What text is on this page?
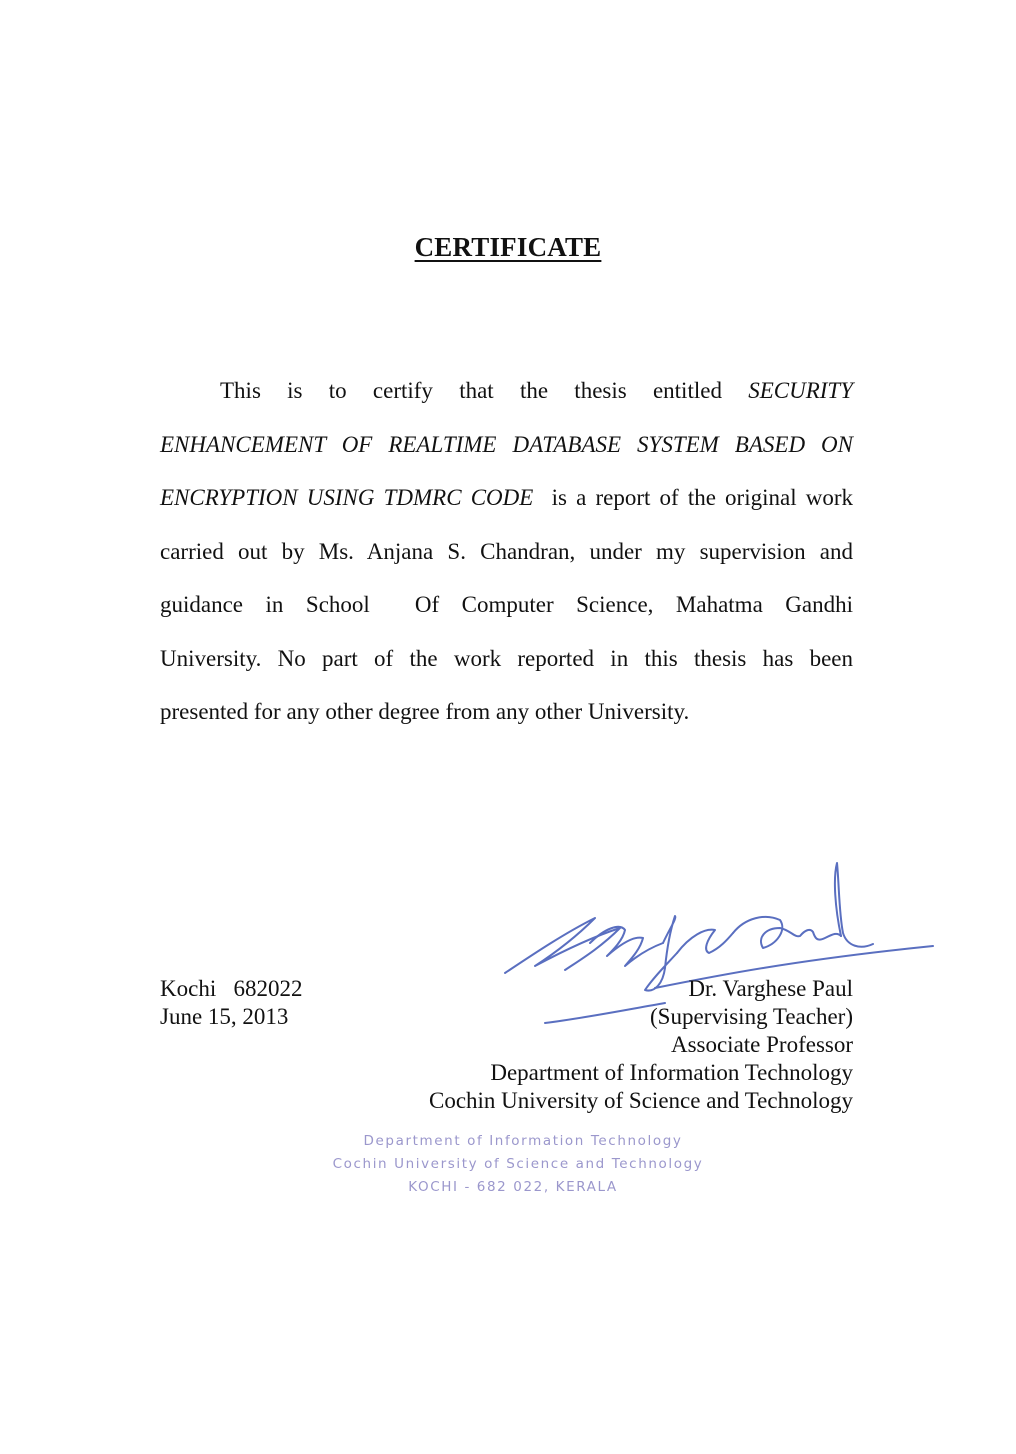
CERTIFICATE
This is to certify that the thesis entitled SECURITY
ENHANCEMENT OF REALTIME DATABASE SYSTEM BASED ON
ENCRYPTION USING TDMRC CODE  is a report of the original work
carried out by Ms. Anjana S. Chandran, under my supervision and
guidance in School  Of Computer Science, Mahatma Gandhi
University. No part of the work reported in this thesis has been
presented for any other degree from any other University.
Kochi   682022
June 15, 2013
Dr. Varghese Paul
(Supervising Teacher)
Associate Professor
Department of Information Technology
Cochin University of Science and Technology
Department of Information Technology
Cochin University of Science and Technology
KOCHI - 682 022, KERALA
